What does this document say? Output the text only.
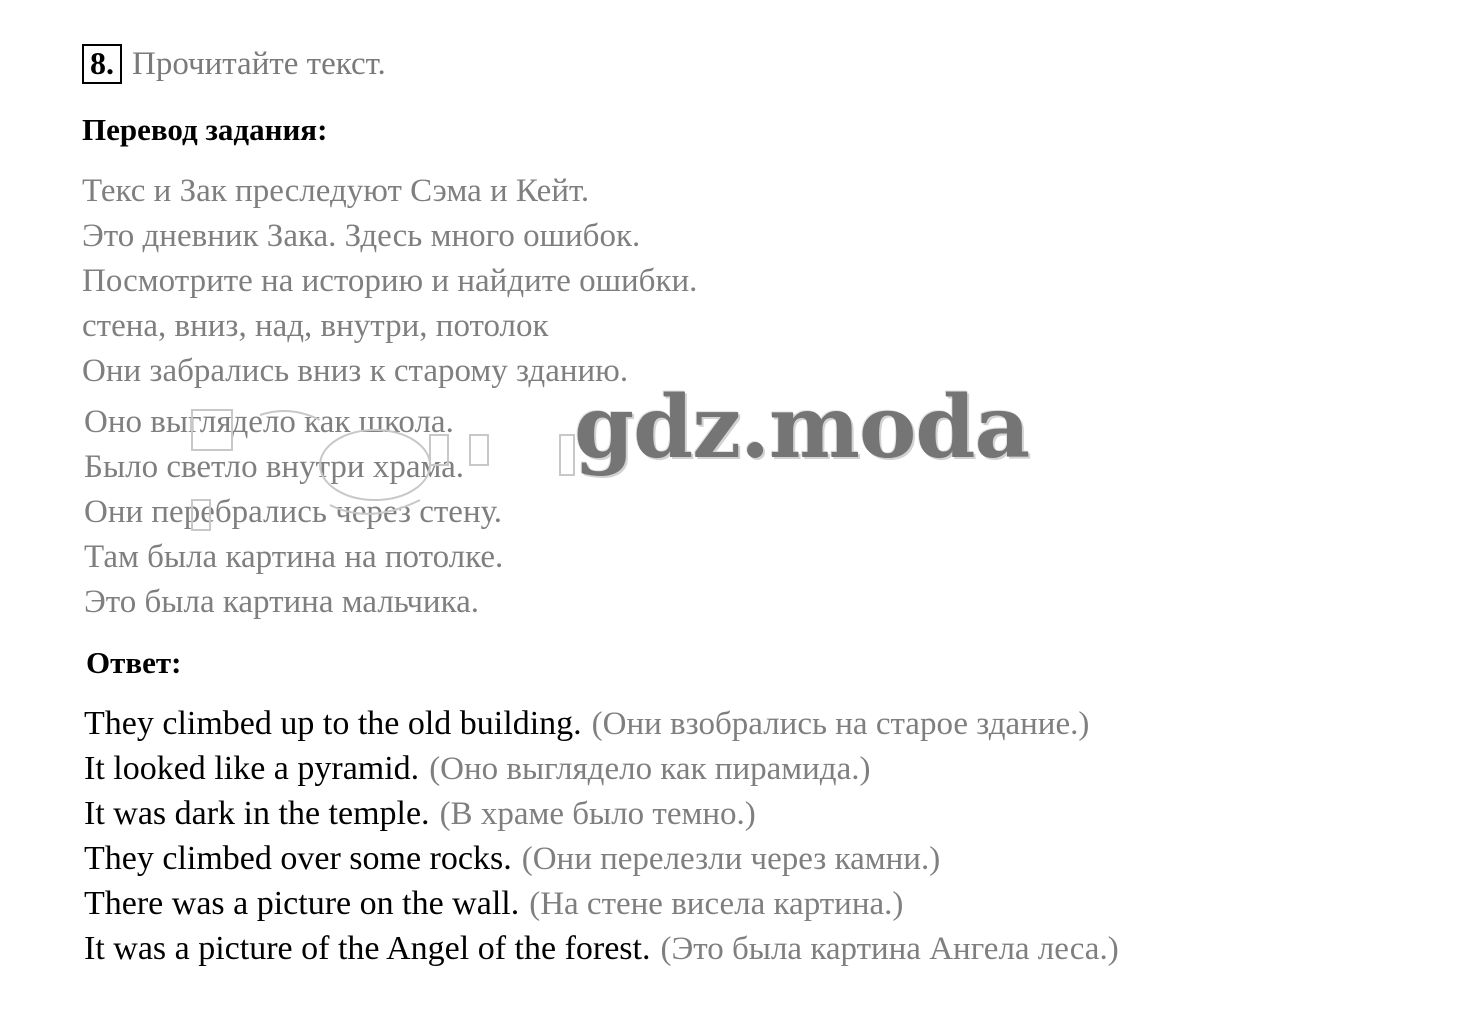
8. Прочитайте текст.
Перевод задания:
Текс и Зак преследуют Сэма и Кейт.
Это дневник Зака. Здесь много ошибок.
Посмотрите на историю и найдите ошибки.
стена, вниз, над, внутри, потолок
Они забрались вниз к старому зданию.
Оно выглядело как школа.
Было светло внутри храма.
Они перебрались через стену.
Там была картина на потолке.
Это была картина мальчика.
gdz.moda
Ответ:
They climbed up to the old building. (Они взобрались на старое здание.)
It looked like a pyramid. (Оно выглядело как пирамида.)
It was dark in the temple. (В храме было темно.)
They climbed over some rocks. (Они перелезли через камни.)
There was a picture on the wall. (На стене висела картина.)
It was a picture of the Angel of the forest. (Это была картина Ангела леса.)
